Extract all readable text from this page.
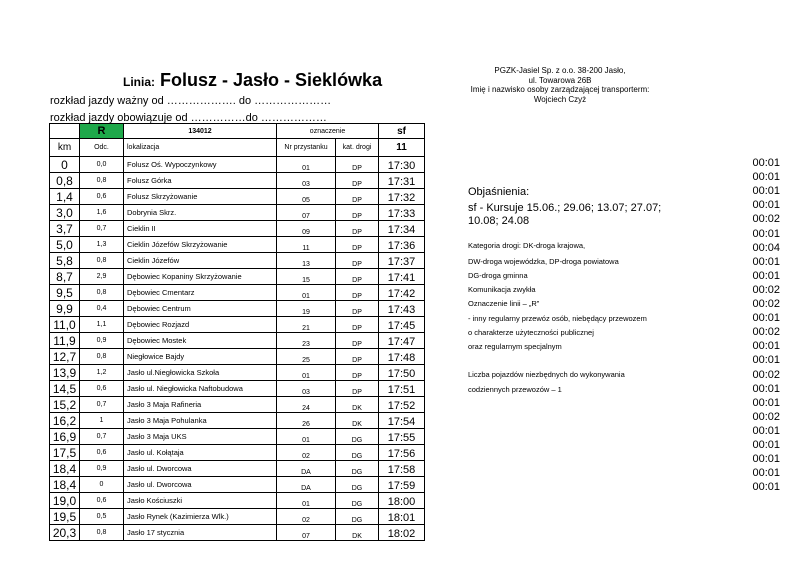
Linia: Folusz - Jasło - Sieklówka
rozkład jazdy ważny od ………………. do …………………
rozkład jazdy obowiązuje od ……………do ………………
PGZK-Jasiel Sp. z o.o. 38-200 Jasło,
ul. Towarowa 26B
Imię i nazwisko osoby zarządzającej transporterm:
Wojciech Czyż
	R	134012	oznaczenie		sf
km	Odc.	lokalizacja	Nr przystanku	kat. drogi	11
0	0,0	Folusz Oś. Wypoczynkowy	01	DP	17:30
0,8	0,8	Folusz Górka	03	DP	17:31
1,4	0,6	Folusz Skrzyżowanie	05	DP	17:32
3,0	1,6	Dobrynia Skrz.	07	DP	17:33
3,7	0,7	Cieklin II	09	DP	17:34
5,0	1,3	Cieklin Józefów Skrzyżowanie	11	DP	17:36
5,8	0,8	Cieklin Józefów	13	DP	17:37
8,7	2,9	Dębowiec Kopaniny Skrzyżowanie	15	DP	17:41
9,5	0,8	Dębowiec Cmentarz	01	DP	17:42
9,9	0,4	Dębowiec Centrum	19	DP	17:43
11,0	1,1	Dębowiec Rozjazd	21	DP	17:45
11,9	0,9	Dębowiec Mostek	23	DP	17:47
12,7	0,8	Niegłowice Bajdy	25	DP	17:48
13,9	1,2	Jasło ul.Niegłowicka Szkoła	01	DP	17:50
14,5	0,6	Jasło ul. Niegłowicka Naftobudowa	03	DP	17:51
15,2	0,7	Jasło 3 Maja Rafineria	24	DK	17:52
16,2	1	Jasło 3 Maja Pohulanka	26	DK	17:54
16,9	0,7	Jasło 3 Maja UKS	01	DG	17:55
17,5	0,6	Jasło ul. Kołątaja	02	DG	17:56
18,4	0,9	Jasło ul. Dworcowa	DA	DG	17:58
18,4	0	Jasło ul. Dworcowa	DA	DG	17:59
19,0	0,6	Jasło Kościuszki	01	DG	18:00
19,5	0,5	Jasło Rynek (Kazimierza Wlk.)	02	DG	18:01
20,3	0,8	Jasło 17 stycznia	07	DK	18:02
00:01
00:01
00:01
00:01
00:02
00:01
00:04
00:01
00:01
00:02
00:02
00:01
00:02
00:01
00:01
00:02
00:01
00:01
00:02
00:01
00:01
00:01
00:01
00:01
Objaśnienia:
sf - Kursuje 15.06.; 29.06; 13.07; 27.07; 10.08; 24.08
Kategoria drogi: DK-droga krajowa,
DW-droga wojewódzka, DP-droga powiatowa
DG-droga gminna
Komunikacja zwykła
Oznaczenie linii – „R”
- inny regularny przewóz osób, niebędący przewozem
o charakterze użyteczności publicznej
oraz regularnym specjalnym
Liczba pojazdów niezbędnych do wykonywania
codziennych przewozów – 1
